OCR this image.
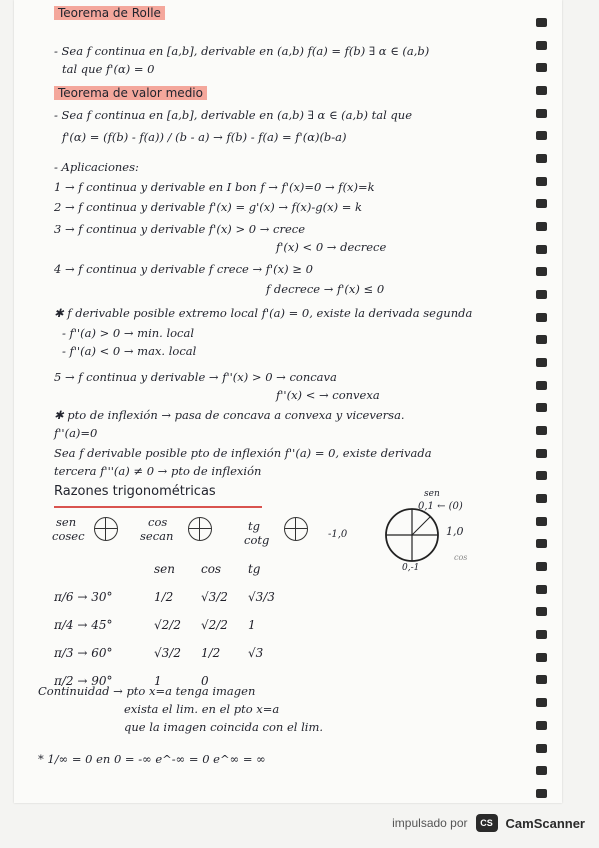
Teorema de Rolle
- Sea f continua en [a,b], derivable en (a,b) f(a) = f(b) ∃ α ∈ (a,b)
tal que f'(α) = 0
Teorema de valor medio
- Sea f continua en [a,b], derivable en (a,b) ∃ α ∈ (a,b) tal que
f'(α) = (f(b) - f(a)) / (b - a) → f(b) - f(a) = f'(α)(b-a)
- Aplicaciones:
1 → f continua y derivable en I bon f → f'(x)=0 → f(x)=k
2 → f continua y derivable f'(x) = g'(x) → f(x)-g(x) = k
3 → f continua y derivable f'(x) > 0 → crece
f'(x) < 0 → decrece
4 → f continua y derivable f crece → f'(x) ≥ 0
f decrece → f'(x) ≤ 0
✱ f derivable posible extremo local f'(a) = 0, existe la derivada segunda
- f''(a) > 0 → min. local
- f''(a) < 0 → max. local
5 → f continua y derivable → f''(x) > 0 → concava
f''(x) < → convexa
✱ pto de inflexión → pasa de concava a convexa y viceversa.
f''(a)=0
Sea f derivable posible pto de inflexión f''(a) = 0, existe derivada
tercera f'''(a) ≠ 0 → pto de inflexión
Razones trigonométricas
sen
cosec
cos
secan
tg
cotg
sen
0,1 ← (0)
-1,0	1,0
0,-1
cos
	sen	cos	tg
π/6 → 30°	1/2	√3/2	√3/3
π/4 → 45°	√2/2	√2/2	1
π/3 → 60°	√3/2	1/2	√3
π/2 → 90°	1	0	
Continuidad → pto x=a tenga imagen
exista el lim. en el pto x=a
que la imagen coincida con el lim.
* 1/∞ = 0 en 0 = -∞ e^-∞ = 0 e^∞ = ∞
impulsado por	CS CamScanner
